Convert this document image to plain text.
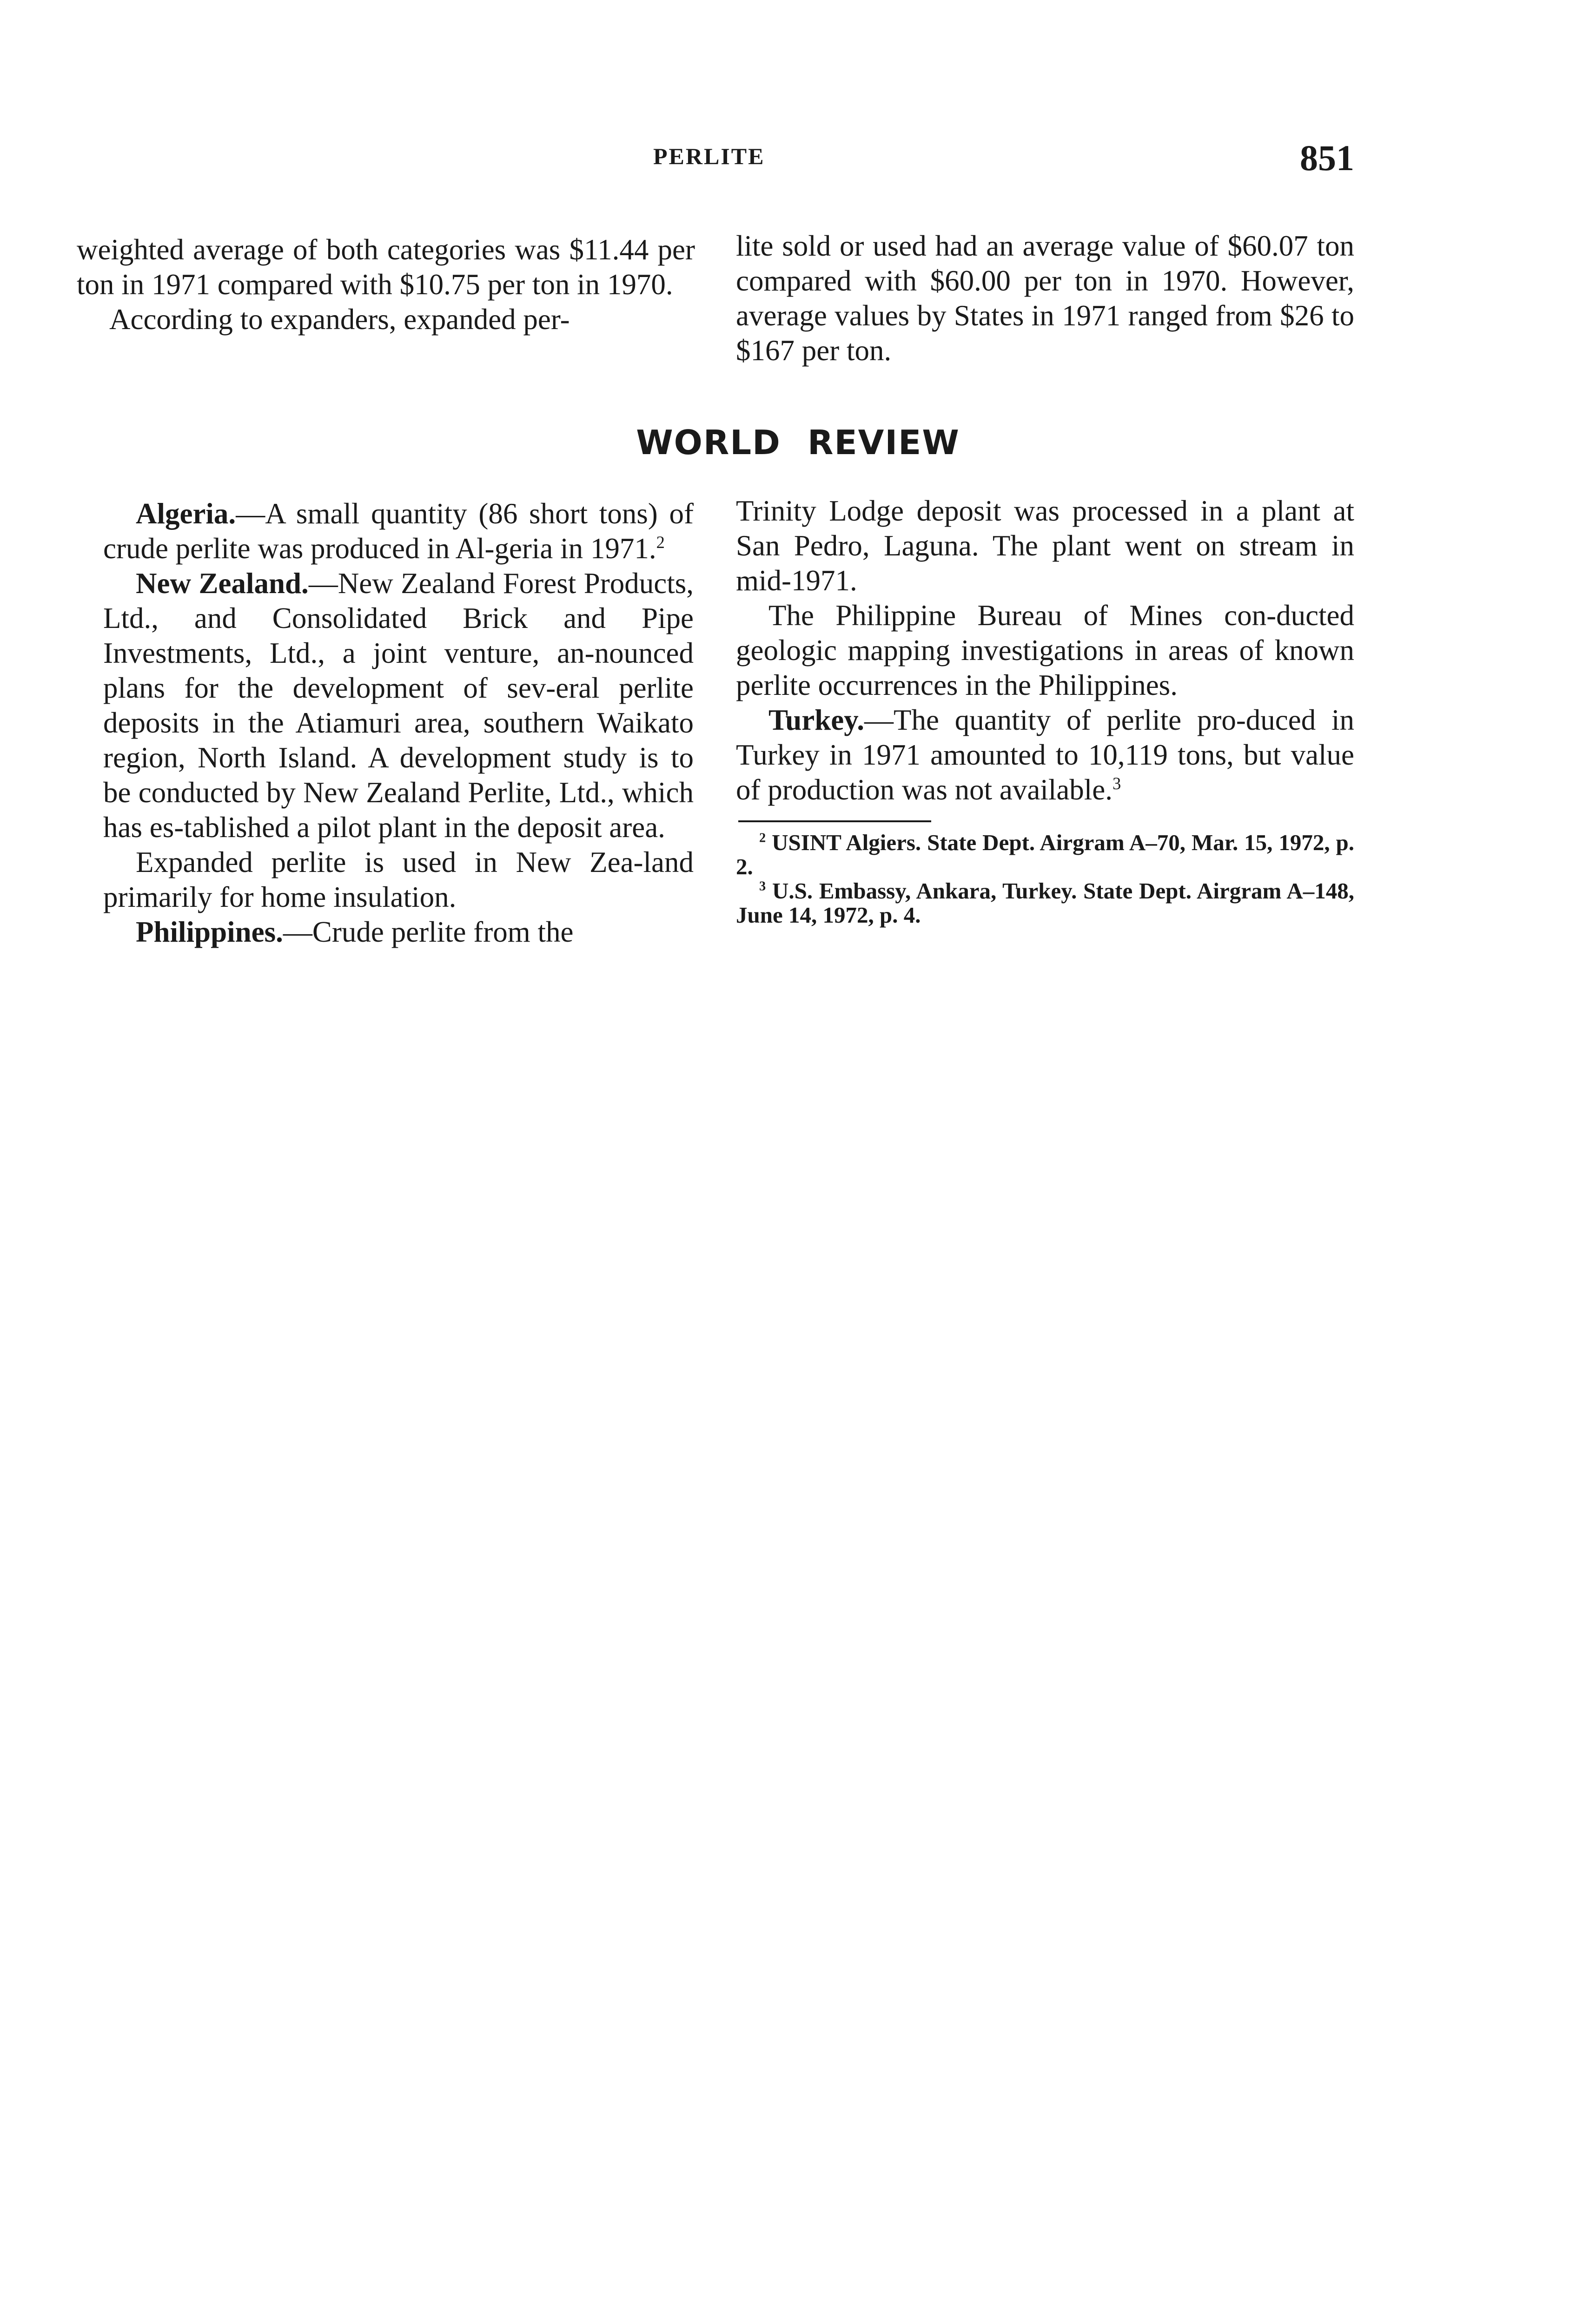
PERLITE	851

weighted average of both categories was $11.44 per ton in 1971 compared with $10.75 per ton in 1970.

According to expanders, expanded per-

lite sold or used had an average value of $60.07 ton compared with $60.00 per ton in 1970. However, average values by States in 1971 ranged from $26 to $167 per ton.

WORLD REVIEW

Algeria.—A small quantity (86 short tons) of crude perlite was produced in Al-geria in 1971.$^2$

New Zealand.—New Zealand Forest Products, Ltd., and Consolidated Brick and Pipe Investments, Ltd., a joint venture, an-nounced plans for the development of sev-eral perlite deposits in the Atiamuri area, southern Waikato region, North Island. A development study is to be conducted by New Zealand Perlite, Ltd., which has es-tablished a pilot plant in the deposit area.

Expanded perlite is used in New Zea-land primarily for home insulation.

Philippines.—Crude perlite from the

Trinity Lodge deposit was processed in a plant at San Pedro, Laguna. The plant went on stream in mid-1971.

The Philippine Bureau of Mines con-ducted geologic mapping investigations in areas of known perlite occurrences in the Philippines.

Turkey.—The quantity of perlite pro-duced in Turkey in 1971 amounted to 10,119 tons, but value of production was not available.$^3$

$^2$ USINT Algiers. State Dept. Airgram A–70, Mar. 15, 1972, p. 2.

$^3$ U.S. Embassy, Ankara, Turkey. State Dept. Airgram A–148, June 14, 1972, p. 4.
